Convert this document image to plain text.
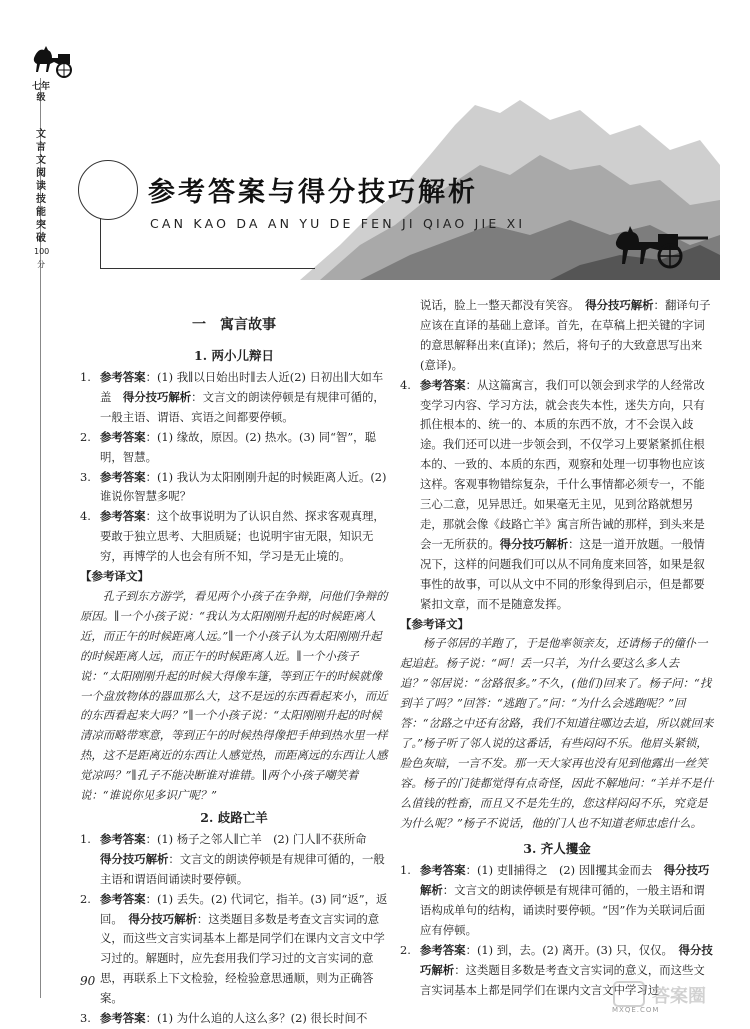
七年级
文言文阅读技能突破
100分
参考答案与得分技巧解析
CAN KAO DA AN YU DE FEN JI QIAO JIE XI
一　寓言故事
1. 两小儿辩日
1. 参考答案：(1) 我∥以日始出时∥去人近(2) 日初出∥大如车盖　 得分技巧解析：文言文的朗读停顿是有规律可循的，一般主语、谓语、宾语之间都要停顿。
2. 参考答案：(1) 缘故，原因。(2) 热水。(3) 同“智”，聪明，智慧。
3. 参考答案：(1) 我认为太阳刚刚升起的时候距离人近。(2) 谁说你智慧多呢？
4. 参考答案：这个故事说明为了认识自然、探求客观真理，要敢于独立思考、大胆质疑；也说明宇宙无限，知识无穷，再博学的人也会有所不知，学习是无止境的。
【参考译文】
孔子到东方游学，看见两个小孩子在争辩，问他们争辩的原因。∥一个小孩子说：“我认为太阳刚刚升起的时候距离人近，而正午的时候距离人远。”∥一个小孩子认为太阳刚刚升起的时候距离人远，而正午的时候距离人近。∥一个小孩子说：“太阳刚刚升起的时候大得像车篷，等到正午的时候就像一个盘放物体的器皿那么大，这不是远的东西看起来小，而近的东西看起来大吗？”∥一个小孩子说：“太阳刚刚升起的时候清凉而略带寒意，等到正午的时候热得像把手伸到热水里一样热，这不是距离近的东西让人感觉热，而距离远的东西让人感觉凉吗？”∥孔子不能决断谁对谁错。∥两个小孩子嘲笑着说：“谁说你见多识广呢？”
2. 歧路亡羊
1. 参考答案：(1) 杨子之邻人∥亡羊　(2) 门人∥不获所命　得分技巧解析：文言文的朗读停顿是有规律可循的，一般主语和谓语间诵读时要停顿。
2. 参考答案：(1) 丢失。(2) 代词它，指羊。(3) 同“返”，返回。　 得分技巧解析：这类题目多数是考查文言实词的意义，而这些文言实词基本上都是同学们在课内文言文中学习过的。解题时，应先套用我们学习过的文言实词的意思，再联系上下文检验，经检验意思通顺，则为正确答案。
3. 参考答案：(1) 为什么追的人这么多？(2) 很长时间不
说话，脸上一整天都没有笑容。　 得分技巧解析：翻译句子应该在直译的基础上意译。首先，在草稿上把关键的字词的意思解释出来(直译)；然后，将句子的大致意思写出来(意译)。
4. 参考答案：从这篇寓言，我们可以领会到求学的人经常改变学习内容、学习方法，就会丧失本性，迷失方向，只有抓住根本的、统一的、本质的东西不放，才不会误入歧途。我们还可以进一步领会到，不仅学习上要紧紧抓住根本的、一致的、本质的东西，观察和处理一切事物也应该这样。客观事物错综复杂，千什么事情都必须专一，不能三心二意，见异思迁。如果毫无主见，见到岔路就想另走，那就会像《歧路亡羊》寓言所告诫的那样，到头来是会一无所获的。得分技巧解析：这是一道开放题。一般情况下，这样的问题我们可以从不同角度来回答，如果是叙事性的故事，可以从文中不同的形象得到启示，但是都要紧扣文章，而不是随意发挥。
【参考译文】
杨子邻居的羊跑了，于是他率领亲友，还请杨子的僮仆一起追赶。杨子说：“呵！丢一只羊，为什么要这么多人去追？”邻居说：“岔路很多。”不久，(他们)回来了。杨子问：“找到羊了吗？”回答：“逃跑了。”问：“为什么会逃跑呢？”回答：“岔路之中还有岔路，我们不知道往哪边去追，所以就回来了。”杨子听了邻人说的这番话，有些闷闷不乐。他眉头紧锁，脸色灰暗，一言不发。那一天大家再也没有见到他露出一丝笑容。杨子的门徒都觉得有点奇怪，因此不解地问：“羊并不是什么值钱的牲畜，而且又不是先生的，您这样闷闷不乐，究竟是为什么呢？”杨子不说话，他的门人也不知道老师忠虑什么。
3. 齐人攫金
1. 参考答案：(1) 吏∥捕得之　(2) 因∥攫其金而去　 得分技巧解析：文言文的朗读停顿是有规律可循的，一般主语和谓语构成单句的结构，诵读时要停顿。“因”作为关联词后面应有停顿。
2. 参考答案：(1) 到，去。(2) 离开。(3) 只，仅仅。　 得分技巧解析：这类题目多数是考查文言实词的意义，而这些文言实词基本上都是同学们在课内文言文中学习过
90
答案圈
MXQE.COM
